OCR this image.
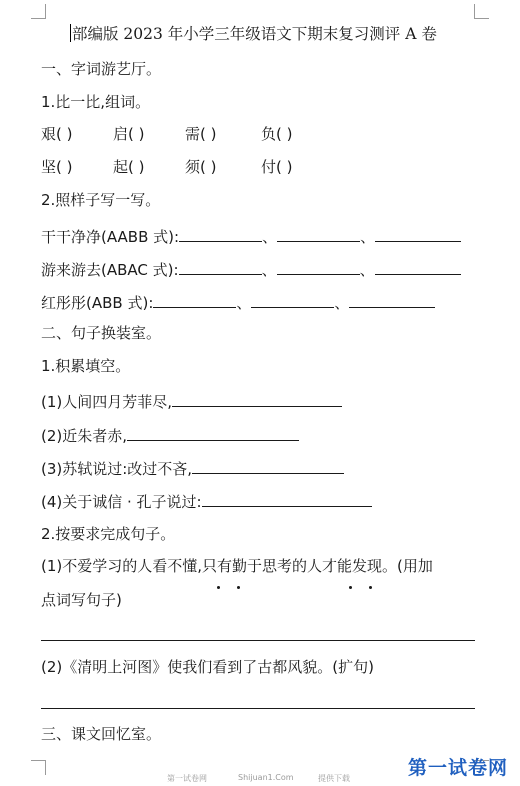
部编版 2023 年小学三年级语文下期末复习测评 A 卷
一、字词游艺厅。
1.比一比,组词。
艰( )	启( )	需( )	负( )
坚( )	起( )	须( )	付( )
2.照样子写一写。
干干净净(AABB 式):	、	、
游来游去(ABAC 式):	、	、
红彤彤(ABB 式):	、	、
二、句子换装室。
1.积累填空。
(1)人间四月芳菲尽,
(2)近朱者赤,
(3)苏轼说过:改过不吝,
(4)关于诚信 · 孔子说过:
2.按要求完成句子。
(1)不爱学习的人看不懂,只有勤于思考的人才能发现。(用加
点词写句子)
(2)《清明上河图》使我们看到了古都风貌。(扩句)
三、课文回忆室。
第一试卷网	Shijuan1.Com	提供下载	第一试卷网
